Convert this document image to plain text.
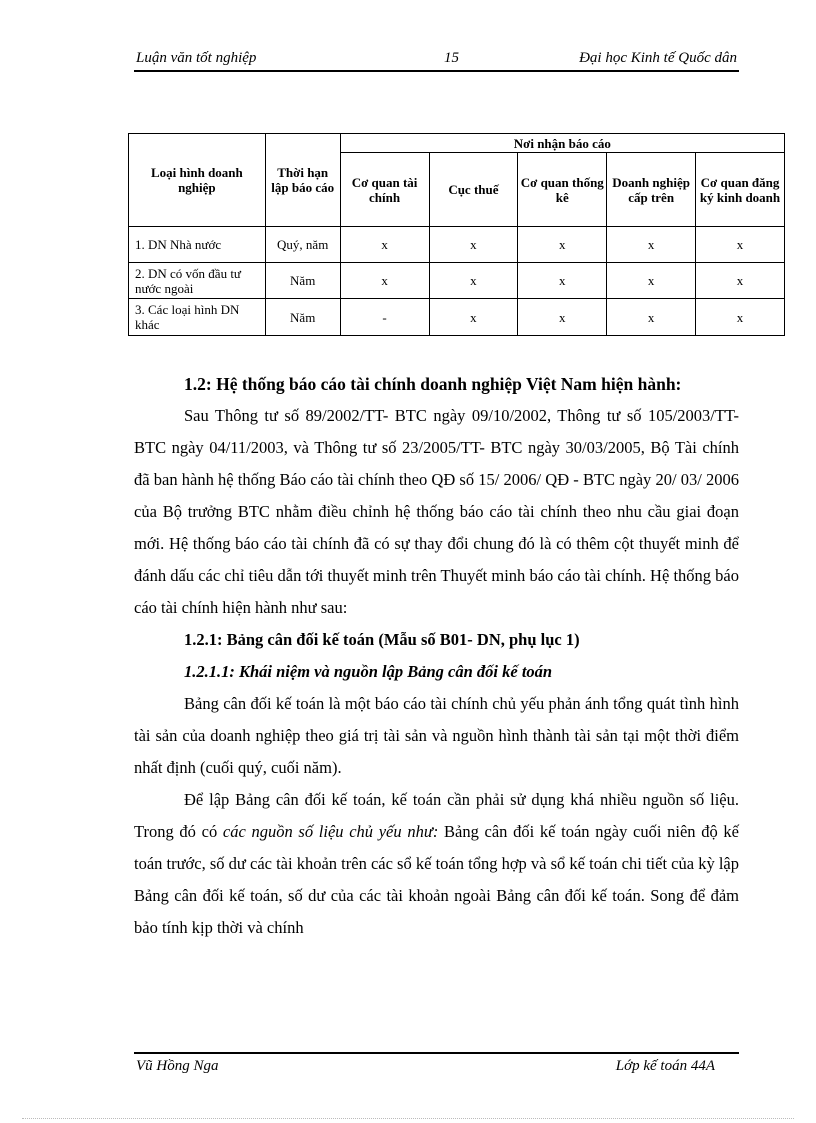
Luận văn tốt nghiệp	15	Đại học Kinh tế Quốc dân
Loại hình doanh nghiệp	Thời hạn lập báo cáo	Nơi nhận báo cáo				
		Cơ quan tài chính	Cục thuế	Cơ quan thống kê	Doanh nghiệp cấp trên	Cơ quan đăng ký kinh doanh
1. DN Nhà nước	Quý, năm	x	x	x	x	x
2. DN có vốn đầu tư nước ngoài	Năm	x	x	x	x	x
3. Các loại hình DN khác	Năm	-	x	x	x	x

1.2: Hệ thống báo cáo tài chính doanh nghiệp Việt Nam hiện hành:

Sau Thông tư số 89/2002/TT- BTC ngày 09/10/2002, Thông tư số 105/2003/TT- BTC ngày 04/11/2003, và Thông tư số 23/2005/TT- BTC ngày 30/03/2005, Bộ Tài chính đã ban hành hệ thống Báo cáo tài chính theo QĐ số 15/ 2006/ QĐ - BTC ngày 20/ 03/ 2006 của Bộ trưởng BTC nhằm điều chỉnh hệ thống báo cáo tài chính theo nhu cầu giai đoạn mới. Hệ thống báo cáo tài chính đã có sự thay đổi chung đó là có thêm cột thuyết minh để đánh dấu các chỉ tiêu dẫn tới thuyết minh trên Thuyết minh báo cáo tài chính. Hệ thống báo cáo tài chính hiện hành như sau:

1.2.1: Bảng cân đối kế toán (Mẫu số B01- DN, phụ lục 1)

1.2.1.1: Khái niệm và nguồn lập Bảng cân đối kế toán

Bảng cân đối kế toán là một báo cáo tài chính chủ yếu phản ánh tổng quát tình hình tài sản của doanh nghiệp theo giá trị tài sản và nguồn hình thành tài sản tại một thời điểm nhất định (cuối quý, cuối năm).

Để lập Bảng cân đối kế toán, kế toán cần phải sử dụng khá nhiều nguồn số liệu. Trong đó có các nguồn số liệu chủ yếu như: Bảng cân đối kế toán ngày cuối niên độ kế toán trước, số dư các tài khoản trên các sổ kế toán tổng hợp và sổ kế toán chi tiết của kỳ lập Bảng cân đối kế toán, số dư của các tài khoản ngoài Bảng cân đối kế toán. Song để đảm bảo tính kịp thời và chính

Vũ Hồng Nga	Lớp kế toán 44A
